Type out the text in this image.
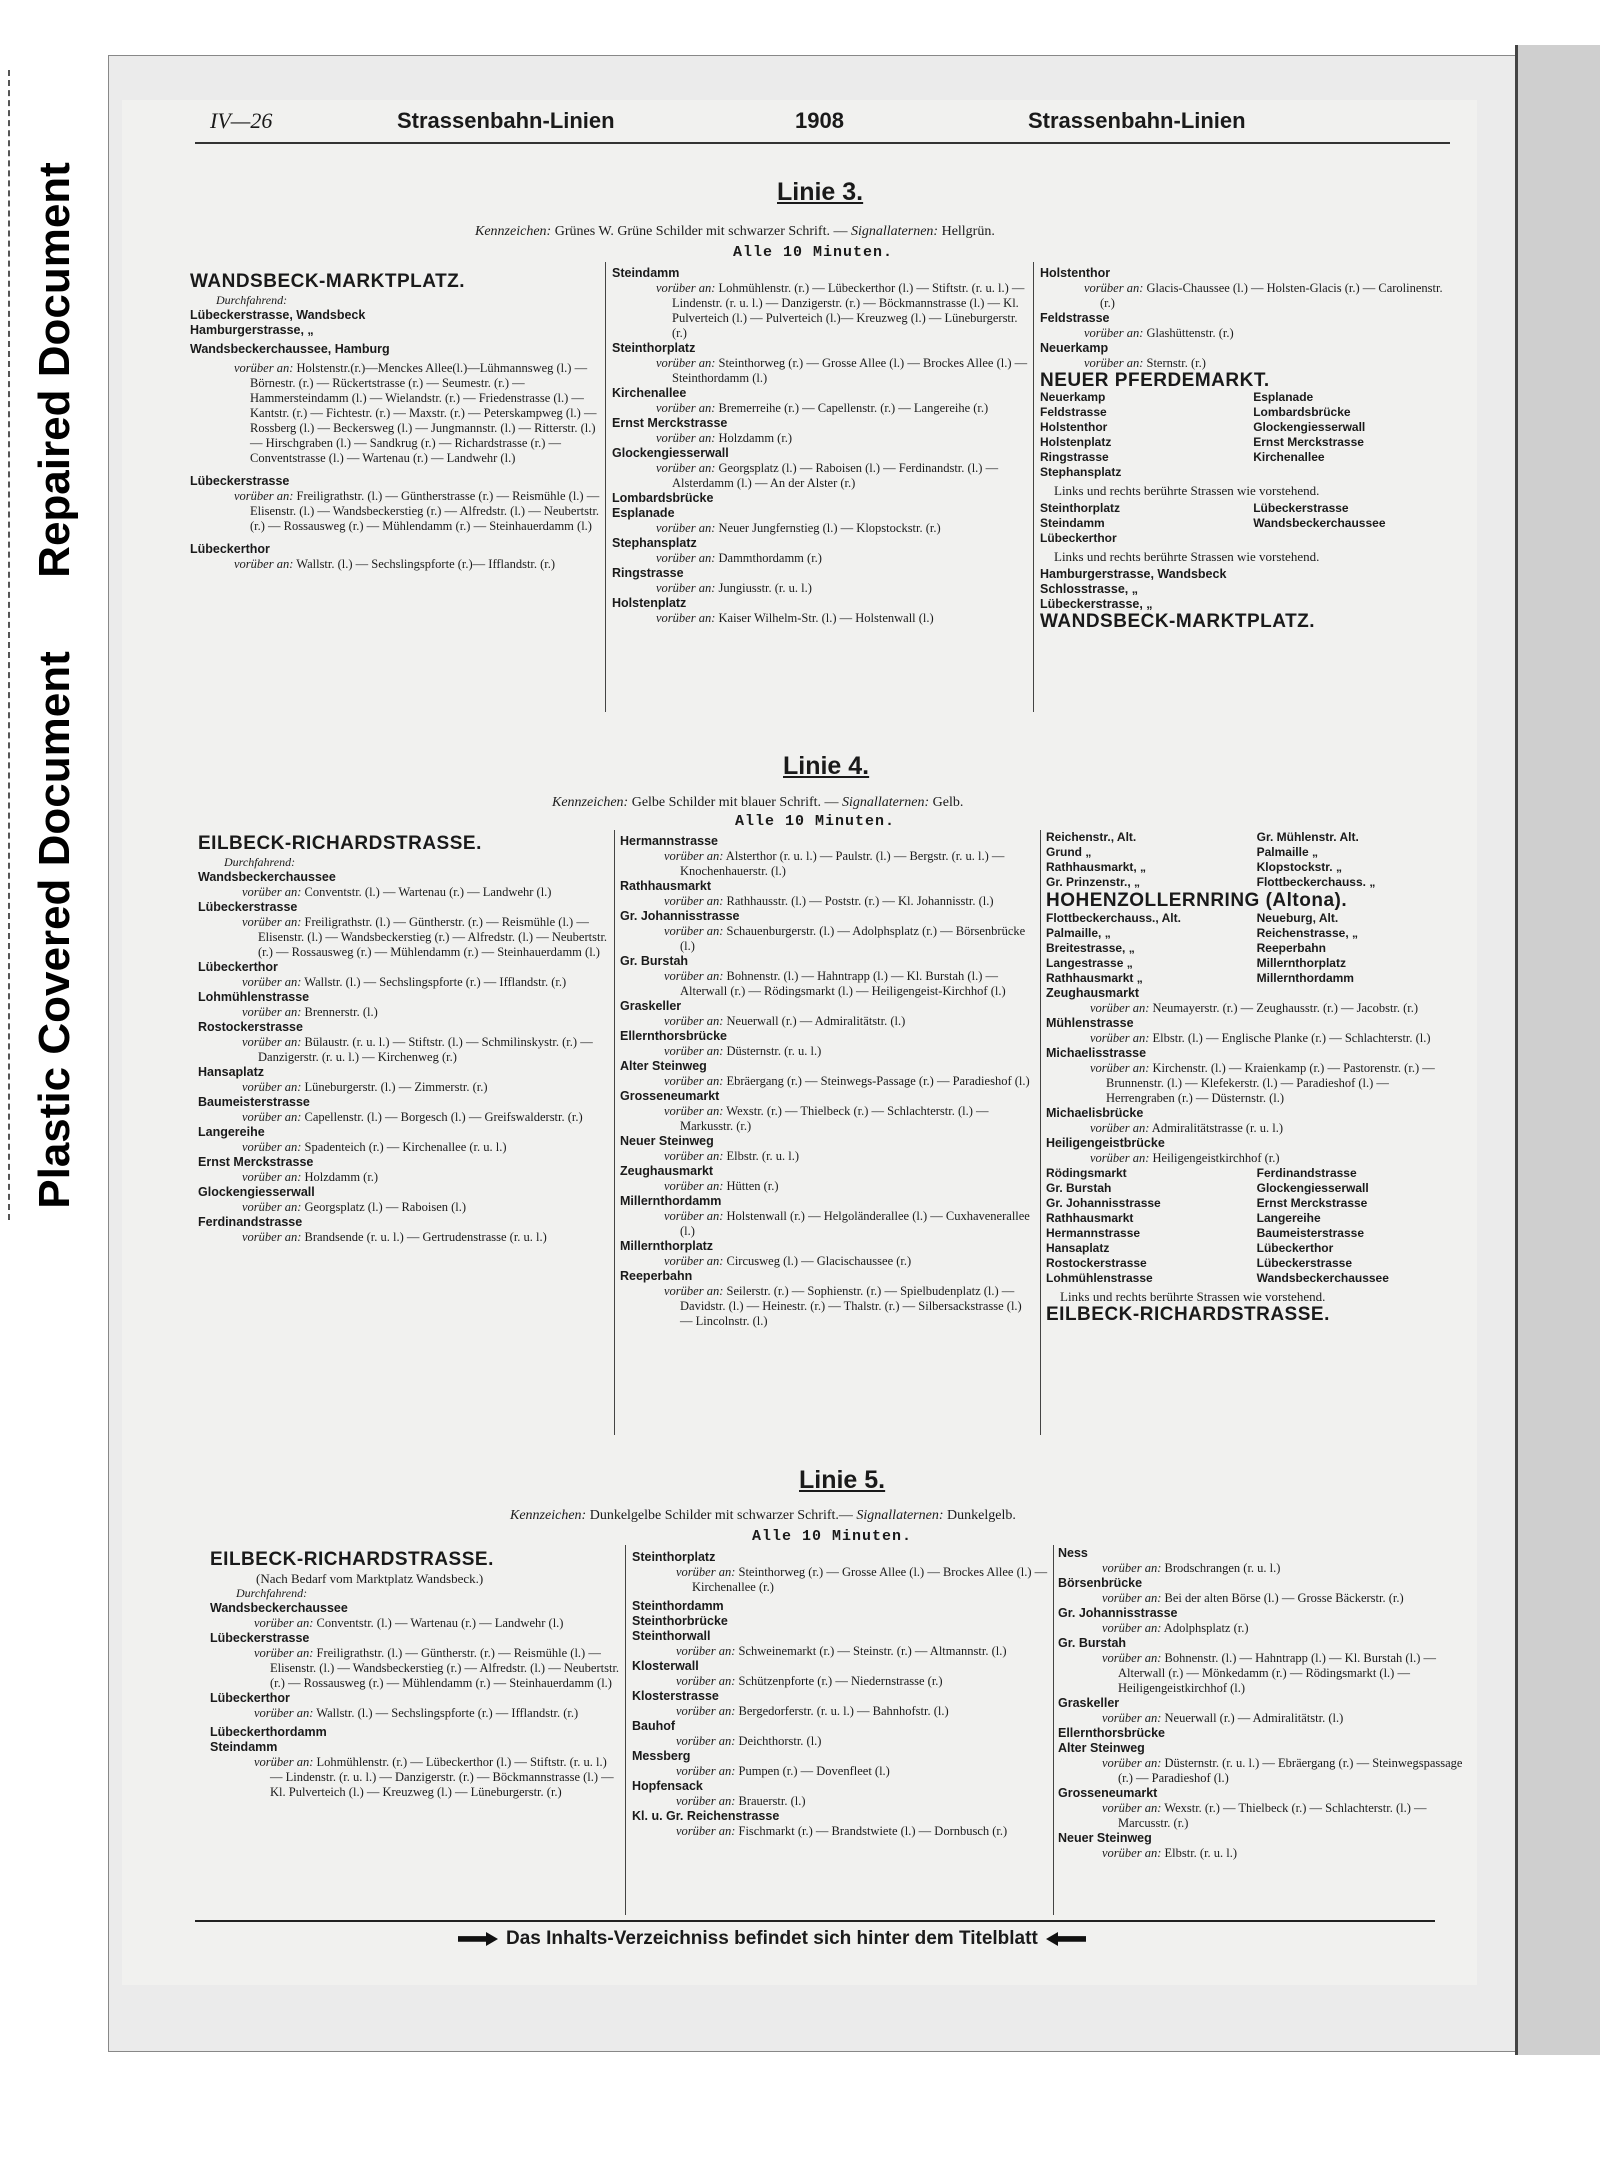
Repaired Document
Plastic Covered Document
IV—26	Strassenbahn-Linien	1908	Strassenbahn-Linien
Linie 3.
Kennzeichen: Grünes W. Grüne Schilder mit schwarzer Schrift. — Signallaternen: Hellgrün.
Alle 10 Minuten.
WANDSBECK-MARKTPLATZ.
Durchfahrend:
Lübeckerstrasse, Wandsbeck
Hamburgerstrasse, „
Wandsbeckerchaussee, Hamburg
vorüber an: Holstenstr.(r.)—Menckes Allee(l.)—Lühmannsweg (l.) — Börnestr. (r.) — Rückertstrasse (r.) — Seumestr. (r.) — Hammersteindamm (l.) — Wielandstr. (r.) — Friedenstrasse (l.) — Kantstr. (r.) — Fichtestr. (r.) — Maxstr. (r.) — Peterskampweg (l.) — Rossberg (l.) — Beckersweg (l.) — Jungmannstr. (l.) — Ritterstr. (l.) — Hirschgraben (l.) — Sandkrug (r.) — Richardstrasse (r.) — Conventstrasse (l.) — Wartenau (r.) — Landwehr (l.)
Lübeckerstrasse
vorüber an: Freiligrathstr. (l.) — Güntherstrasse (r.) — Reismühle (l.) — Elisenstr. (l.) — Wandsbeckerstieg (r.) — Alfredstr. (l.) — Neubertstr. (r.) — Rossausweg (r.) — Mühlendamm (r.) — Steinhauerdamm (l.)
Lübeckerthor
vorüber an: Wallstr. (l.) — Sechslingspforte (r.)— Ifflandstr. (r.)
Steindamm
vorüber an: Lohmühlenstr. (r.) — Lübeckerthor (l.) — Stiftstr. (r. u. l.) — Lindenstr. (r. u. l.) — Danzigerstr. (r.) — Böckmannstrasse (l.) — Kl. Pulverteich (l.) — Pulverteich (l.)— Kreuzweg (l.) — Lüneburgerstr. (r.)
Steinthorplatz
vorüber an: Steinthorweg (r.) — Grosse Allee (l.) — Brockes Allee (l.) — Steinthordamm (l.)
Kirchenallee
vorüber an: Bremerreihe (r.) — Capellenstr. (r.) — Langereihe (r.)
Ernst Merckstrasse
vorüber an: Holzdamm (r.)
Glockengiesserwall
vorüber an: Georgsplatz (l.) — Raboisen (l.) — Ferdinandstr. (l.) — Alsterdamm (l.) — An der Alster (r.)
Lombardsbrücke
Esplanade
vorüber an: Neuer Jungfernstieg (l.) — Klopstockstr. (r.)
Stephansplatz
vorüber an: Dammthordamm (r.)
Ringstrasse
vorüber an: Jungiusstr. (r. u. l.)
Holstenplatz
vorüber an: Kaiser Wilhelm-Str. (l.) — Holstenwall (l.)
Holstenthor
vorüber an: Glacis-Chaussee (l.) — Holsten-Glacis (r.) — Carolinenstr. (r.)
Feldstrasse
vorüber an: Glashüttenstr. (r.)
Neuerkamp
vorüber an: Sternstr. (r.)
NEUER PFERDEMARKT.
Neuerkamp	Esplanade
Feldstrasse	Lombardsbrücke
Holstenthor	Glockengiesserwall
Holstenplatz	Ernst Merckstrasse
Ringstrasse	Kirchenallee
Stephansplatz
Links und rechts berührte Strassen wie vorstehend.
Steinthorplatz	Lübeckerstrasse
Steindamm	Wandsbeckerchaussee
Lübeckerthor
Links und rechts berührte Strassen wie vorstehend.
Hamburgerstrasse, Wandsbeck
Schlosstrasse, „
Lübeckerstrasse, „
WANDSBECK-MARKTPLATZ.
Linie 4.
Kennzeichen: Gelbe Schilder mit blauer Schrift. — Signallaternen: Gelb.
Alle 10 Minuten.
EILBECK-RICHARDSTRASSE.
Durchfahrend:
Wandsbeckerchaussee
vorüber an: Conventstr. (l.) — Wartenau (r.) — Landwehr (l.)
Lübeckerstrasse
vorüber an: Freiligrathstr. (l.) — Güntherstr. (r.) — Reismühle (l.) — Elisenstr. (l.) — Wandsbeckerstieg (r.) — Alfredstr. (l.) — Neubertstr. (r.) — Rossausweg (r.) — Mühlendamm (r.) — Steinhauerdamm (l.)
Lübeckerthor
vorüber an: Wallstr. (l.) — Sechslingspforte (r.) — Ifflandstr. (r.)
Lohmühlenstrasse
vorüber an: Brennerstr. (l.)
Rostockerstrasse
vorüber an: Bülaustr. (r. u. l.) — Stiftstr. (l.) — Schmilinskystr. (r.) — Danzigerstr. (r. u. l.) — Kirchenweg (r.)
Hansaplatz
vorüber an: Lüneburgerstr. (l.) — Zimmerstr. (r.)
Baumeisterstrasse
vorüber an: Capellenstr. (l.) — Borgesch (l.) — Greifswalderstr. (r.)
Langereihe
vorüber an: Spadenteich (r.) — Kirchenallee (r. u. l.)
Ernst Merckstrasse
vorüber an: Holzdamm (r.)
Glockengiesserwall
vorüber an: Georgsplatz (l.) — Raboisen (l.)
Ferdinandstrasse
vorüber an: Brandsende (r. u. l.) — Gertrudenstrasse (r. u. l.)
Hermannstrasse
vorüber an: Alsterthor (r. u. l.) — Paulstr. (l.) — Bergstr. (r. u. l.) — Knochenhauerstr. (l.)
Rathhausmarkt
vorüber an: Rathhausstr. (l.) — Poststr. (r.) — Kl. Johannisstr. (l.)
Gr. Johannisstrasse
vorüber an: Schauenburgerstr. (l.) — Adolphsplatz (r.) — Börsenbrücke (l.)
Gr. Burstah
vorüber an: Bohnenstr. (l.) — Hahntrapp (l.) — Kl. Burstah (l.) — Alterwall (r.) — Rödingsmarkt (l.) — Heiligengeist-Kirchhof (l.)
Graskeller
vorüber an: Neuerwall (r.) — Admiralitätstr. (l.)
Ellernthorsbrücke
vorüber an: Düsternstr. (r. u. l.)
Alter Steinweg
vorüber an: Ebräergang (r.) — Steinwegs-Passage (r.) — Paradieshof (l.)
Grosseneumarkt
vorüber an: Wexstr. (r.) — Thielbeck (r.) — Schlachterstr. (l.) — Markusstr. (r.)
Neuer Steinweg
vorüber an: Elbstr. (r. u. l.)
Zeughausmarkt
vorüber an: Hütten (r.)
Millernthordamm
vorüber an: Holstenwall (r.) — Helgoländerallee (l.) — Cuxhavenerallee (l.)
Millernthorplatz
vorüber an: Circusweg (l.) — Glacischaussee (r.)
Reeperbahn
vorüber an: Seilerstr. (r.) — Sophienstr. (r.) — Spielbudenplatz (l.) — Davidstr. (l.) — Heinestr. (r.) — Thalstr. (r.) — Silbersackstrasse (l.) — Lincolnstr. (l.)
Reichenstr., Alt.	Gr. Mühlenstr. Alt.
Grund „	Palmaille „
Rathhausmarkt, „	Klopstockstr. „
Gr. Prinzenstr., „	Flottbeckerchauss. „
HOHENZOLLERNRING (Altona).
Flottbeckerchauss., Alt.	Neueburg, Alt.
Palmaille, „	Reichenstrasse, „
Breitestrasse, „	Reeperbahn
Langestrasse „	Millernthorplatz
Rathhausmarkt „	Millernthordamm
Zeughausmarkt
vorüber an: Neumayerstr. (r.) — Zeughausstr. (r.) — Jacobstr. (r.)
Mühlenstrasse
vorüber an: Elbstr. (l.) — Englische Planke (r.) — Schlachterstr. (l.)
Michaelisstrasse
vorüber an: Kirchenstr. (l.) — Kraienkamp (r.) — Pastorenstr. (r.) — Brunnenstr. (l.) — Klefekerstr. (l.) — Paradieshof (l.) — Herrengraben (r.) — Düsternstr. (l.)
Michaelisbrücke
vorüber an: Admiralitätstrasse (r. u. l.)
Heiligengeistbrücke
vorüber an: Heiligengeistkirchhof (r.)
Rödingsmarkt	Ferdinandstrasse
Gr. Burstah	Glockengiesserwall
Gr. Johannisstrasse	Ernst Merckstrasse
Rathhausmarkt	Langereihe
Hermannstrasse	Baumeisterstrasse
Hansaplatz	Lübeckerthor
Rostockerstrasse	Lübeckerstrasse
Lohmühlenstrasse	Wandsbeckerchaussee
Links und rechts berührte Strassen wie vorstehend.
EILBECK-RICHARDSTRASSE.
Linie 5.
Kennzeichen: Dunkelgelbe Schilder mit schwarzer Schrift.— Signallaternen: Dunkelgelb.
Alle 10 Minuten.
EILBECK-RICHARDSTRASSE.
(Nach Bedarf vom Marktplatz Wandsbeck.)
Durchfahrend:
Wandsbeckerchaussee
vorüber an: Conventstr. (l.) — Wartenau (r.) — Landwehr (l.)
Lübeckerstrasse
vorüber an: Freiligrathstr. (l.) — Güntherstr. (r.) — Reismühle (l.) — Elisenstr. (l.) — Wandsbeckerstieg (r.) — Alfredstr. (l.) — Neubertstr. (r.) — Rossausweg (r.) — Mühlendamm (r.) — Steinhauerdamm (l.)
Lübeckerthor
vorüber an: Wallstr. (l.) — Sechslingspforte (r.) — Ifflandstr. (r.)
Lübeckerthordamm
Steindamm
vorüber an: Lohmühlenstr. (r.) — Lübeckerthor (l.) — Stiftstr. (r. u. l.) — Lindenstr. (r. u. l.) — Danzigerstr. (r.) — Böckmannstrasse (l.) — Kl. Pulverteich (l.) — Kreuzweg (l.) — Lüneburgerstr. (r.)
Steinthorplatz
vorüber an: Steinthorweg (r.) — Grosse Allee (l.) — Brockes Allee (l.) — Kirchenallee (r.)
Steinthordamm
Steinthorbrücke
Steinthorwall
vorüber an: Schweinemarkt (r.) — Steinstr. (r.) — Altmannstr. (l.)
Klosterwall
vorüber an: Schützenpforte (r.) — Niedernstrasse (r.)
Klosterstrasse
vorüber an: Bergedorferstr. (r. u. l.) — Bahnhofstr. (l.)
Bauhof
vorüber an: Deichthorstr. (l.)
Messberg
vorüber an: Pumpen (r.) — Dovenfleet (l.)
Hopfensack
vorüber an: Brauerstr. (l.)
Kl. u. Gr. Reichenstrasse
vorüber an: Fischmarkt (r.) — Brandstwiete (l.) — Dornbusch (r.)
Ness
vorüber an: Brodschrangen (r. u. l.)
Börsenbrücke
vorüber an: Bei der alten Börse (l.) — Grosse Bäckerstr. (r.)
Gr. Johannisstrasse
vorüber an: Adolphsplatz (r.)
Gr. Burstah
vorüber an: Bohnenstr. (l.) — Hahntrapp (l.) — Kl. Burstah (l.) — Alterwall (r.) — Mönkedamm (r.) — Rödingsmarkt (l.) — Heiligengeistkirchhof (l.)
Graskeller
vorüber an: Neuerwall (r.) — Admiralitätstr. (l.)
Ellernthorsbrücke
Alter Steinweg
vorüber an: Düsternstr. (r. u. l.) — Ebräergang (r.) — Steinwegspassage (r.) — Paradieshof (l.)
Grosseneumarkt
vorüber an: Wexstr. (r.) — Thielbeck (r.) — Schlachterstr. (l.) — Marcusstr. (r.)
Neuer Steinweg
vorüber an: Elbstr. (r. u. l.)
Das Inhalts-Verzeichniss befindet sich hinter dem Titelblatt
